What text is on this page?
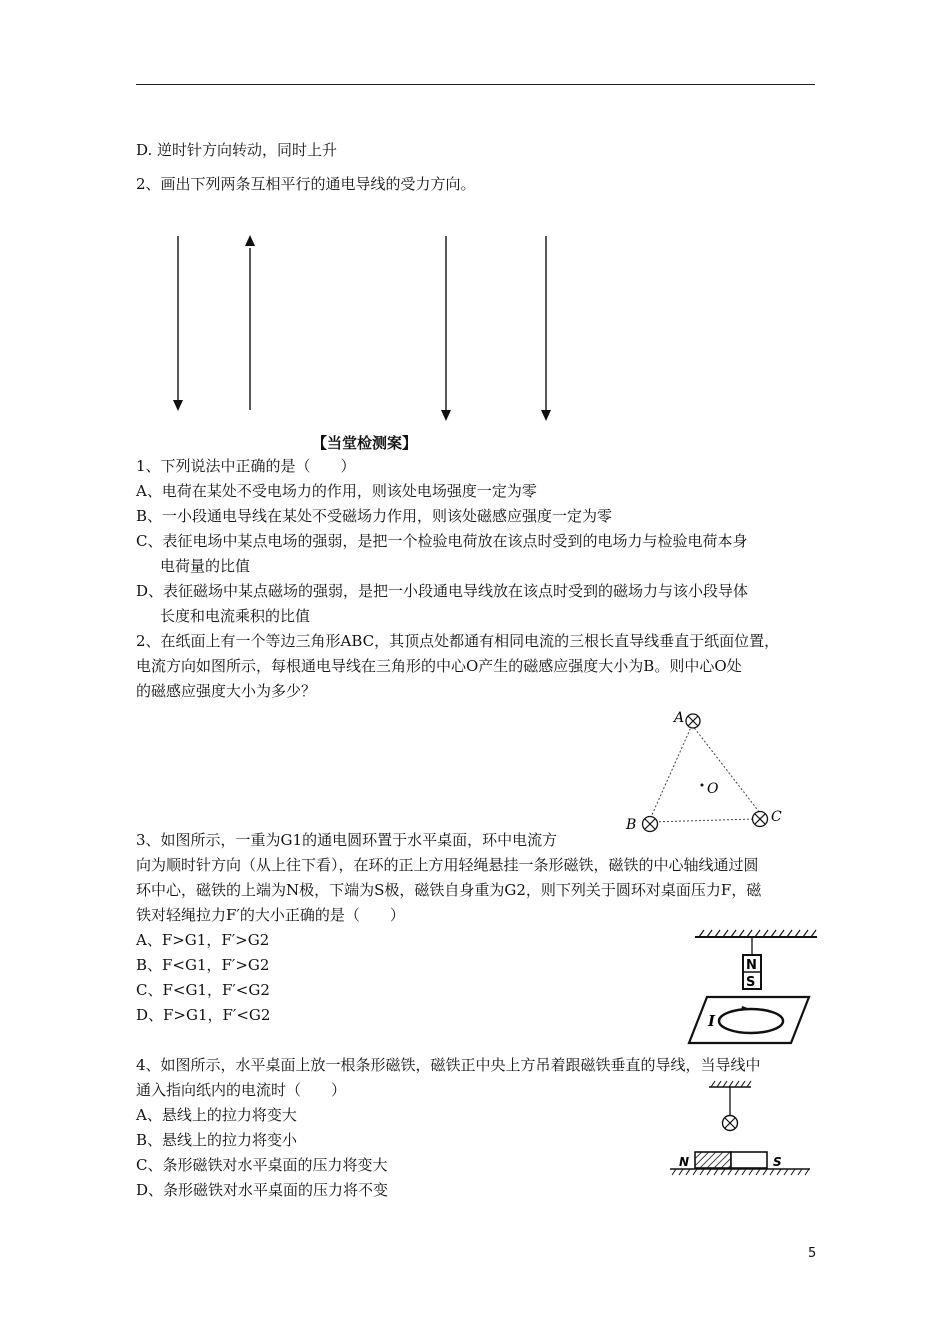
D. 逆时针方向转动，同时上升
2、画出下列两条互相平行的通电导线的受力方向。
【当堂检测案】
1、下列说法中正确的是（　　）
A、电荷在某处不受电场力的作用，则该处电场强度一定为零
B、一小段通电导线在某处不受磁场力作用，则该处磁感应强度一定为零
C、表征电场中某点电场的强弱，是把一个检验电荷放在该点时受到的电场力与检验电荷本身
电荷量的比值
D、表征磁场中某点磁场的强弱，是把一小段通电导线放在该点时受到的磁场力与该小段导体
长度和电流乘积的比值
2、在纸面上有一个等边三角形ABC，其顶点处都通有相同电流的三根长直导线垂直于纸面位置，
电流方向如图所示，每根通电导线在三角形的中心O产生的磁感应强度大小为B。则中心O处
的磁感应强度大小为多少？
A
B	C
O
3、如图所示，一重为G1的通电圆环置于水平桌面，环中电流方
向为顺时针方向（从上往下看），在环的正上方用轻绳悬挂一条形磁铁，磁铁的中心轴线通过圆
环中心，磁铁的上端为N极，下端为S极，磁铁自身重为G2，则下列关于圆环对桌面压力F，磁
铁对轻绳拉力F′的大小正确的是（　　）
A、F>G1，F′>G2
B、F<G1，F′>G2
C、F<G1，F′<G2
D、F>G1，F′<G2
N
S
I
4、如图所示，水平桌面上放一根条形磁铁，磁铁正中央上方吊着跟磁铁垂直的导线，当导线中
通入指向纸内的电流时（　　）
A、悬线上的拉力将变大
B、悬线上的拉力将变小
C、条形磁铁对水平桌面的压力将变大
D、条形磁铁对水平桌面的压力将不变
N	S
5
